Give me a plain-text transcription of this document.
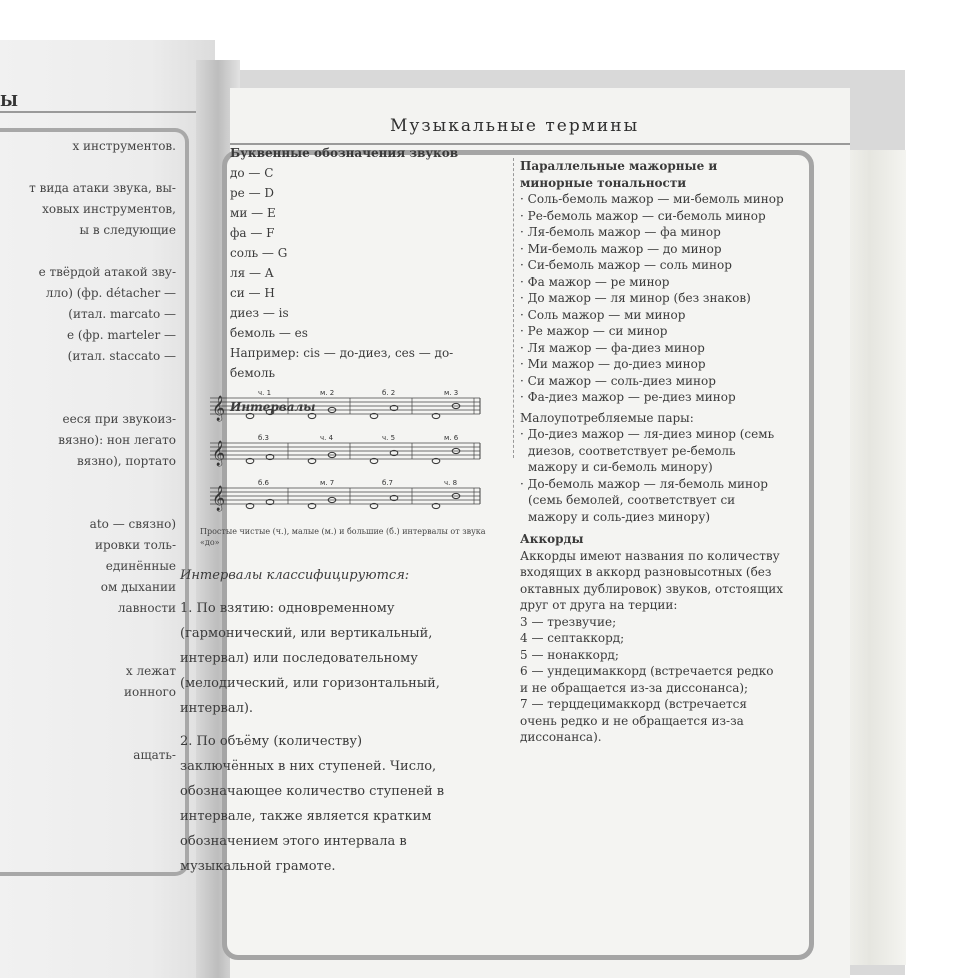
Ы
х инструментов.
т вида атаки звука, вы-
ховых инструментов,
ы в следующие
е твёрдой атакой зву-
лло) (фр. détacher —
(итал. marcato —
е (фр. marteler —
(итал. staccato —
ееся при звукоиз-
вязно): нон легато
вязно), портато
ato — связно)
ировки толь-
единённые
ом дыхании
лавности
х лежат
ионного
ащать-
Музыкальные термины
Буквенные обозначения звуков
до — C
ре — D
ми — E
фа — F
соль — G
ля — A
си — H
диез — is
бемоль — es
Например: cis — до-диез, ces — до-бемоль
Интервалы
𝄞
ч. 1	м. 2	б. 2	м. 3
𝄞
б.3	ч. 4	ч. 5	м. 6
𝄞
б.6	м. 7	б.7	ч. 8
Простые чистые (ч.), малые (м.) и большие (б.) интервалы от звука «до»
Интервалы классифицируются:
1. По взятию: одновременному (гармонический, или вертикальный, интервал) или последовательному (мелодический, или горизонтальный, интервал).
2. По объёму (количеству) заключённых в них ступеней. Число, обозначающее количество ступеней в интервале, также является кратким обозначением этого интервала в музыкальной грамоте.
Параллельные мажорные и минорные тональности
· Соль-бемоль мажор — ми-бемоль минор
· Ре-бемоль мажор — си-бемоль минор
· Ля-бемоль мажор — фа минор
· Ми-бемоль мажор — до минор
· Си-бемоль мажор — соль минор
· Фа мажор — ре минор
· До мажор — ля минор (без знаков)
· Соль мажор — ми минор
· Ре мажор — си минор
· Ля мажор — фа-диез минор
· Ми мажор — до-диез минор
· Си мажор — соль-диез минор
· Фа-диез мажор — ре-диез минор
Малоупотребляемые пары:
· До-диез мажор — ля-диез минор (семь диезов, соответствует ре-бемоль мажору и си-бемоль минору)
· До-бемоль мажор — ля-бемоль минор (семь бемолей, соответствует си мажору и соль-диез минору)
Аккорды
Аккорды имеют названия по количеству входящих в аккорд разновысотных (без октавных дублировок) звуков, отстоящих друг от друга на терции:
3 — трезвучие;
4 — септаккорд;
5 — нонаккорд;
6 — ундецимаккорд (встречается редко и не обращается из-за диссонанса);
7 — терцдецимаккорд (встречается очень редко и не обращается из-за диссонанса).
